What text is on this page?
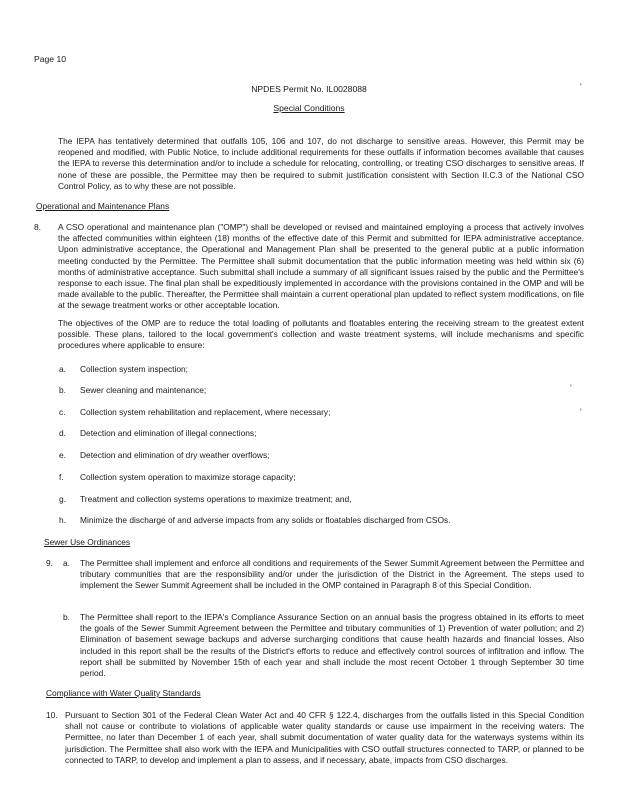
Page 10
NPDES Permit No. IL0028088
Special Conditions
'
'
'
The IEPA has tentatively determined that outfalls 105, 106 and 107, do not discharge to sensitive areas. However, this Permit may be reopened and modified, with Public Notice, to include additional requirements for these outfalls if information becomes available that causes the IEPA to reverse this determination and/or to include a schedule for relocating, controlling, or treating CSO discharges to sensitive areas. If none of these are possible, the Permittee may then be required to submit justification consistent with Section II.C.3 of the National CSO Control Policy, as to why these are not possible.
Operational and Maintenance Plans
8. A CSO operational and maintenance plan ("OMP") shall be developed or revised and maintained employing a process that actively involves the affected communities within eighteen (18) months of the effective date of this Permit and submitted for IEPA administrative acceptance. Upon administrative acceptance, the Operational and Management Plan shall be presented to the general public at a public information meeting conducted by the Permittee. The Permittee shall submit documentation that the public information meeting was held within six (6) months of administrative acceptance. Such submittal shall include a summary of all significant issues raised by the public and the Permittee's response to each issue. The final plan shall be expeditiously implemented in accordance with the provisions contained in the OMP and will be made available to the public. Thereafter, the Permittee shall maintain a current operational plan updated to reflect system modifications, on file at the sewage treatment works or other acceptable location.
The objectives of the OMP are to reduce the total loading of pollutants and floatables entering the receiving stream to the greatest extent possible. These plans, tailored to the local government's collection and waste treatment systems, will include mechanisms and specific procedures where applicable to ensure:
a. Collection system inspection;
b. Sewer cleaning and maintenance;
c. Collection system rehabilitation and replacement, where necessary;
d. Detection and elimination of illegal connections;
e. Detection and elimination of dry weather overflows;
f. Collection system operation to maximize storage capacity;
g. Treatment and collection systems operations to maximize treatment; and,
h. Minimize the discharge of and adverse impacts from any solids or floatables discharged from CSOs.
Sewer Use Ordinances
9. a. The Permittee shall implement and enforce all conditions and requirements of the Sewer Summit Agreement between the Permittee and tributary communities that are the responsibility and/or under the jurisdiction of the District in the Agreement. The steps used to implement the Sewer Summit Agreement shall be included in the OMP contained in Paragraph 8 of this Special Condition.
b. The Permittee shall report to the IEPA's Compliance Assurance Section on an annual basis the progress obtained in its efforts to meet the goals of the Sewer Summit Agreement between the Permittee and tributary communities of 1) Prevention of water pollution; and 2) Elimination of basement sewage backups and adverse surcharging conditions that cause health hazards and financial losses. Also included in this report shall be the results of the District's efforts to reduce and effectively control sources of infiltration and inflow. The report shall be submitted by November 15th of each year and shall include the most recent October 1 through September 30 time period.
Compliance with Water Quality Standards
10. Pursuant to Section 301 of the Federal Clean Water Act and 40 CFR § 122.4, discharges from the outfalls listed in this Special Condition shall not cause or contribute to violations of applicable water quality standards or cause use impairment in the receiving waters. The Permittee, no later than December 1 of each year, shall submit documentation of water quality data for the waterways systems within its jurisdiction. The Permittee shall also work with the IEPA and Municipalities with CSO outfall structures connected to TARP, or planned to be connected to TARP, to develop and implement a plan to assess, and if necessary, abate, impacts from CSO discharges.
